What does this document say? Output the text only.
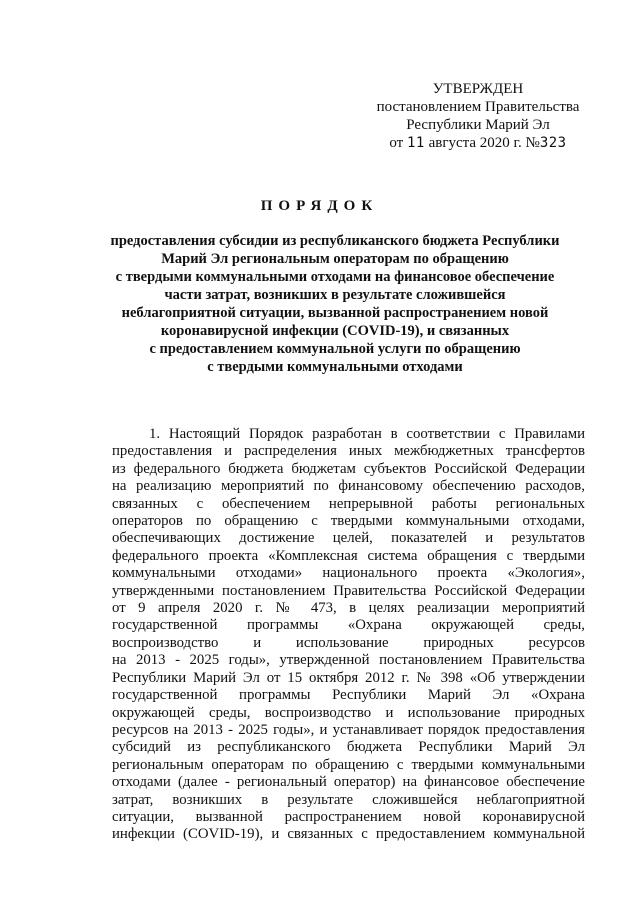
УТВЕРЖДЕН
постановлением Правительства
Республики Марий Эл
от 11 августа 2020 г. №323
ПОРЯДОК
предоставления субсидии из республиканского бюджета Республики
Марий Эл региональным операторам по обращению
с твердыми коммунальными отходами на финансовое обеспечение
части затрат, возникших в результате сложившейся
неблагоприятной ситуации, вызванной распространением новой
коронавирусной инфекции (COVID-19), и связанных
с предоставлением коммунальной услуги по обращению
с твердыми коммунальными отходами
1. Настоящий Порядок разработан в соответствии с Правилами
предоставления и распределения иных межбюджетных трансфертов
из федерального бюджета бюджетам субъектов Российской Федерации
на реализацию мероприятий по финансовому обеспечению расходов,
связанных с обеспечением непрерывной работы региональных
операторов по обращению с твердыми коммунальными отходами,
обеспечивающих достижение целей, показателей и результатов
федерального проекта «Комплексная система обращения с твердыми
коммунальными отходами» национального проекта «Экология»,
утвержденными постановлением Правительства Российской Федерации
от 9 апреля 2020 г. № 473, в целях реализации мероприятий
государственной программы «Охрана окружающей среды,
воспроизводство и использование природных ресурсов
на 2013 - 2025 годы», утвержденной постановлением Правительства
Республики Марий Эл от 15 октября 2012 г. № 398 «Об утверждении
государственной программы Республики Марий Эл «Охрана
окружающей среды, воспроизводство и использование природных
ресурсов на 2013 - 2025 годы», и устанавливает порядок предоставления
субсидий из республиканского бюджета Республики Марий Эл
региональным операторам по обращению с твердыми коммунальными
отходами (далее - региональный оператор) на финансовое обеспечение
затрат, возникших в результате сложившейся неблагоприятной
ситуации, вызванной распространением новой коронавирусной
инфекции (COVID-19), и связанных с предоставлением коммунальной
